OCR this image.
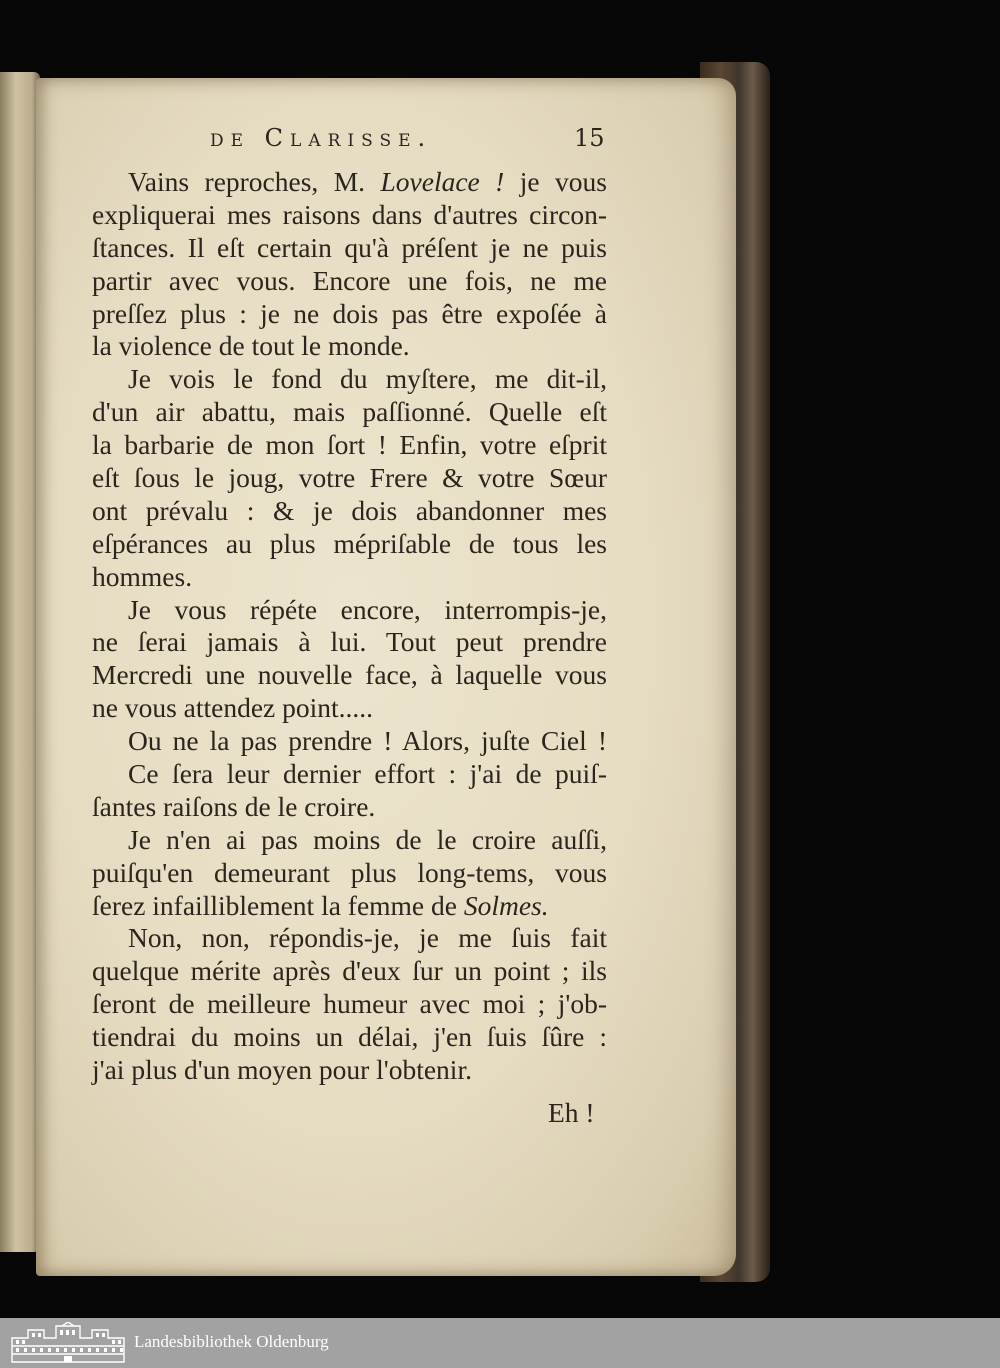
de Clarisse.	15
Vains reproches, M. Lovelace ! je vous
expliquerai mes raisons dans d'autres circon-
ſtances. Il eſt certain qu'à préſent je ne puis
partir avec vous. Encore une fois, ne me
preſſez plus : je ne dois pas être expoſée à
la violence de tout le monde.
Je vois le fond du myſtere, me dit-il,
d'un air abattu, mais paſſionné. Quelle eſt
la barbarie de mon ſort ! Enfin, votre eſprit
eſt ſous le joug, votre Frere & votre Sœur
ont prévalu : & je dois abandonner mes
eſpérances au plus mépriſable de tous les
hommes.
Je vous répéte encore, interrompis-je,
ne ſerai jamais à lui. Tout peut prendre
Mercredi une nouvelle face, à laquelle vous
ne vous attendez point.....
Ou ne la pas prendre ! Alors, juſte Ciel !
Ce ſera leur dernier effort : j'ai de puiſ-
ſantes raiſons de le croire.
Je n'en ai pas moins de le croire auſſi,
puiſqu'en demeurant plus long-tems, vous
ſerez infailliblement la femme de Solmes.
Non, non, répondis-je, je me ſuis fait
quelque mérite après d'eux ſur un point ; ils
ſeront de meilleure humeur avec moi ; j'ob-
tiendrai du moins un délai, j'en ſuis ſûre :
j'ai plus d'un moyen pour l'obtenir.
Eh !
Landesbibliothek Oldenburg
